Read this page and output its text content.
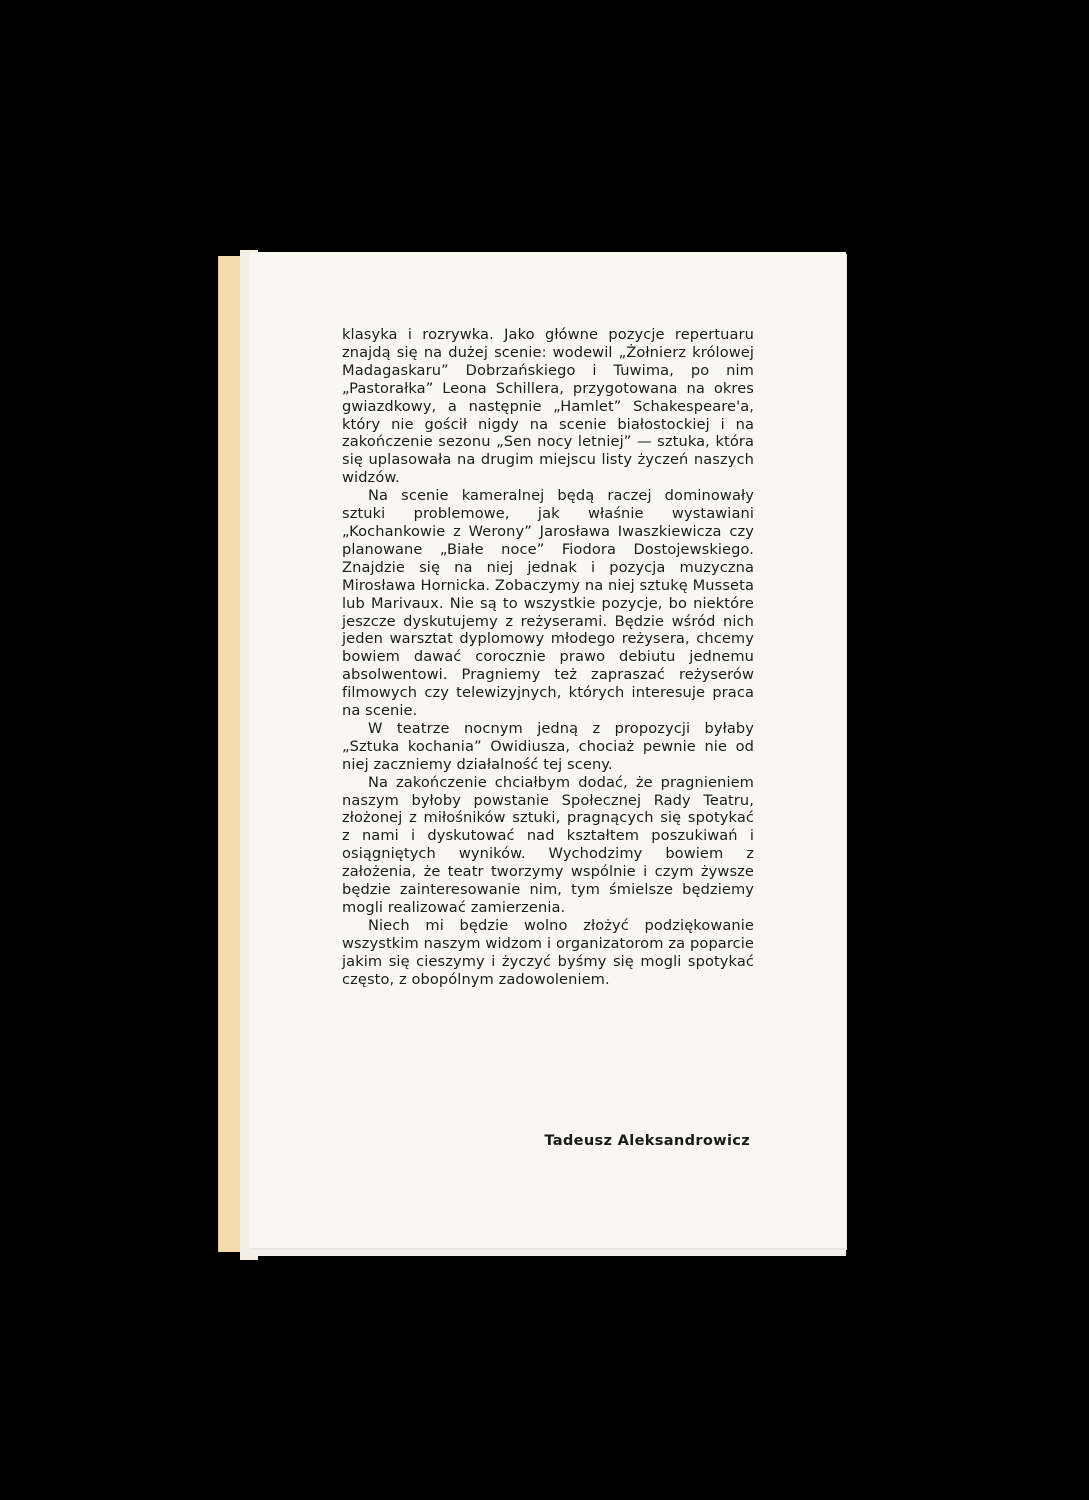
klasyka i rozrywka. Jako główne pozycje repertuaru znajdą się na dużej scenie: wodewil „Żołnierz królowej Madagaskaru” Dobrzańskiego i Tuwima, po nim „Pastorałka” Leona Schillera, przygotowana na okres gwiazdkowy, a następnie „Hamlet” Schakespeare'a, który nie gościł nigdy na scenie białostockiej i na zakończenie sezonu „Sen nocy letniej” — sztuka, która się uplasowała na drugim miejscu listy życzeń naszych widzów.

Na scenie kameralnej będą raczej dominowały sztuki problemowe, jak właśnie wystawiani „Kochankowie z Werony” Jarosława Iwaszkiewicza czy planowane „Białe noce” Fiodora Dostojewskiego. Znajdzie się na niej jednak i pozycja muzyczna Mirosława Hornicka. Zobaczymy na niej sztukę Musseta lub Marivaux. Nie są to wszystkie pozycje, bo niektóre jeszcze dyskutujemy z reżyserami. Będzie wśród nich jeden warsztat dyplomowy młodego reżysera, chcemy bowiem dawać corocznie prawo debiutu jednemu absolwentowi. Pragniemy też zapraszać reżyserów filmowych czy telewizyjnych, których interesuje praca na scenie.

W teatrze nocnym jedną z propozycji byłaby „Sztuka kochania” Owidiusza, chociaż pewnie nie od niej zaczniemy działalność tej sceny.

Na zakończenie chciałbym dodać, że pragnieniem naszym byłoby powstanie Społecznej Rady Teatru, złożonej z miłośników sztuki, pragnących się spotykać z nami i dyskutować nad kształtem poszukiwań i osiągniętych wyników. Wychodzimy bowiem z założenia, że teatr tworzymy wspólnie i czym żywsze będzie zainteresowanie nim, tym śmielsze będziemy mogli realizować zamierzenia.

Niech mi będzie wolno złożyć podziękowanie wszystkim naszym widzom i organizatorom za poparcie jakim się cieszymy i życzyć byśmy się mogli spotykać często, z obopólnym zadowoleniem.

Tadeusz Aleksandrowicz
